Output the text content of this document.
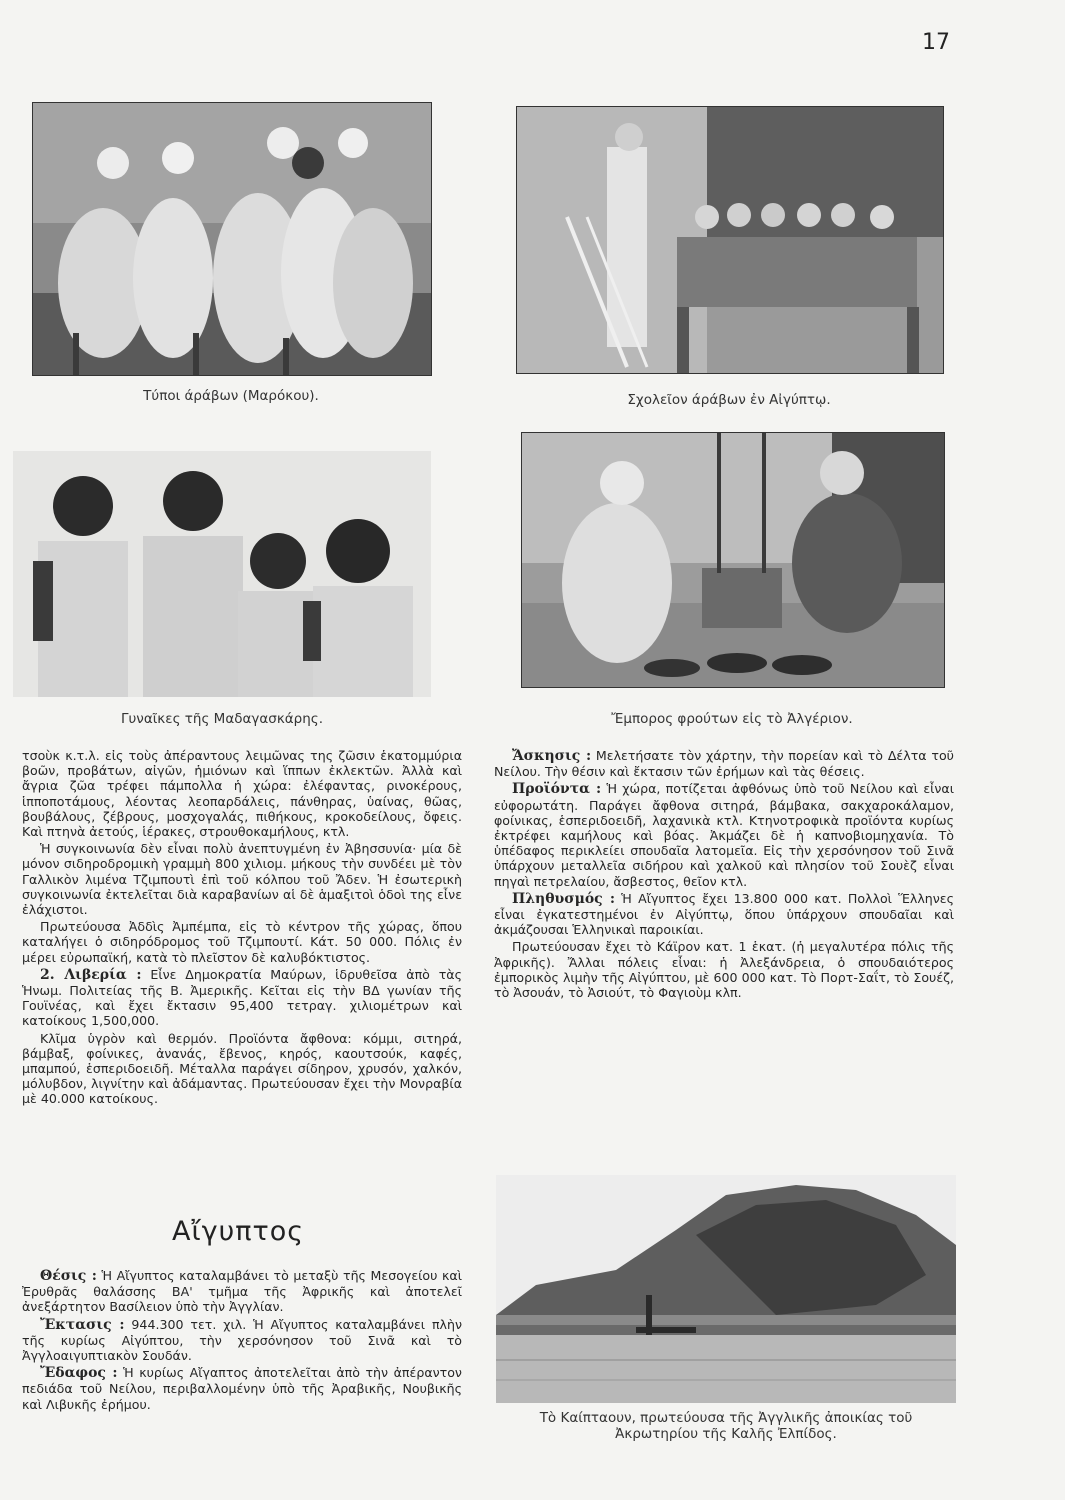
17
Τύποι άράβων (Μαρόκου).	Σχολεῖον άράβων ἐν Αἰγύπτῳ.
Γυναῖκες τῆς Μαδαγασκάρης.	Ἔμπορος φρούτων εἰς τὸ Ἀλγέριον.
Τὸ Καίπταουν, πρωτεύουσα τῆς Ἀγγλικῆς ἀποικίας τοῦ
Ἀκρωτηρίου τῆς Καλῆς Ἐλπίδος.

τσοὺκ κ.τ.λ. εἰς τοὺς ἀπέραντους λειμῶνας της ζῶσιν ἑκατομμύρια βοῶν, προβάτων, αἰγῶν, ἡμιόνων καὶ ἵππων ἐκλεκτῶν. Ἀλλὰ καὶ ἄγρια ζῶα τρέφει πάμπολλα ἡ χώρα: ἐλέφαντας, ρινοκέρους, ἱπποποτάμους, λέοντας λεοπαρδάλεις, πάνθηρας, ὑαίνας, θῶας, βουβάλους, ζέβρους, μοσχογαλάς, πιθήκους, κροκοδείλους, ὄφεις. Καὶ πτηνὰ ἀετούς, ἱέρακες, στρουθοκαμήλους, κτλ.

Ἡ συγκοινωνία δὲν εἶναι πολὺ ἀνεπτυγμένη ἐν Ἀβησσυνία· μία δὲ μόνον σιδηροδρομικὴ γραμμὴ 800 χιλιομ. μήκους τὴν συνδέει μὲ τὸν Γαλλικὸν λιμένα Τζιμπουτὶ ἐπὶ τοῦ κόλπου τοῦ Ἄδεν. Ἡ ἐσωτερικὴ συγκοινωνία ἐκτελεῖται διὰ καραβανίων αἱ δὲ ἁμαξιτοὶ ὁδοὶ της εἶνε ἐλάχιστοι.

Πρωτεύουσα Ἀδδὶς Ἀμπέμπα, εἰς τὸ κέντρον τῆς χώρας, ὅπου καταλήγει ὁ σιδηρόδρομος τοῦ Τζιμπουτί. Κάτ. 50 000. Πόλις ἐν μέρει εὐρωπαϊκή, κατὰ τὸ πλεῖστον δὲ καλυβόκτιστος.

2. Λιβερία : Εἶνε Δημοκρατία Μαύρων, ἱδρυθεῖσα ἀπὸ τὰς Ἡνωμ. Πολιτείας τῆς Β. Ἀμερικῆς. Κεῖται εἰς τὴν ΒΔ γωνίαν τῆς Γουϊνέας, καὶ ἔχει ἔκτασιν 95,400 τετραγ. χιλιομέτρων καὶ κατοίκους 1,500,000.

Κλῖμα ὑγρὸν καὶ θερμόν. Προϊόντα ἄφθονα: κόμμι, σιτηρά, βάμβαξ, φοίνικες, ἀνανάς, ἔβενος, κηρός, καουτσούκ, καφές, μπαμπού, ἑσπεριδοειδῆ. Μέταλλα παράγει σίδηρον, χρυσόν, χαλκόν, μόλυβδον, λιγνίτην καὶ ἀδάμαντας. Πρωτεύουσαν ἔχει τὴν Μονραβία μὲ 40.000 κατοίκους.

Αἴγυπτος

Θέσις : Ἡ Αἴγυπτος καταλαμβάνει τὸ μεταξὺ τῆς Μεσογείου καὶ Ἐρυθρᾶς θαλάσσης ΒΑ' τμῆμα τῆς Ἀφρικῆς καὶ ἀποτελεῖ ἀνεξάρτητον Βασίλειον ὑπὸ τὴν Ἀγγλίαν.

Ἔκτασις : 944.300 τετ. χιλ. Ἡ Αἴγυπτος καταλαμβάνει πλὴν τῆς κυρίως Αἰγύπτου, τὴν χερσόνησον τοῦ Σινᾶ καὶ τὸ Ἀγγλοαιγυπτιακὸν Σουδάν.

Ἔδαφος : Ἡ κυρίως Αἴγαπτος ἀποτελεῖται ἀπὸ τὴν ἀπέραντον πεδιάδα τοῦ Νείλου, περιβαλλομένην ὑπὸ τῆς Ἀραβικῆς, Νουβικῆς καὶ Λιβυκῆς ἐρήμου.

Ἄσκησις : Μελετήσατε τὸν χάρτην, τὴν πορείαν καὶ τὸ Δέλτα τοῦ Νείλου. Τὴν θέσιν καὶ ἔκτασιν τῶν ἐρήμων καὶ τὰς θέσεις.

Προϊόντα : Ἡ χώρα, ποτίζεται ἀφθόνως ὑπὸ τοῦ Νείλου καὶ εἶναι εὐφορωτάτη. Παράγει ἄφθονα σιτηρά, βάμβακα, σακχαροκάλαμον, φοίνικας, ἑσπεριδοειδῆ, λαχανικὰ κτλ. Κτηνοτροφικὰ προϊόντα κυρίως ἐκτρέφει καμήλους καὶ βόας. Ἀκμάζει δὲ ἡ καπνοβιομηχανία. Τὸ ὑπέδαφος περικλείει σπουδαῖα λατομεῖα. Εἰς τὴν χερσόνησον τοῦ Σινᾶ ὑπάρχουν μεταλλεῖα σιδήρου καὶ χαλκοῦ καὶ πλησίον τοῦ Σουὲζ εἶναι πηγαὶ πετρελαίου, ἄσβεστος, θεῖον κτλ.

Πληθυσμός : Ἡ Αἴγυπτος ἔχει 13.800 000 κατ. Πολλοὶ Ἕλληνες εἶναι ἐγκατεστημένοι ἐν Αἰγύπτῳ, ὅπου ὑπάρχουν σπουδαῖαι καὶ ἀκμάζουσαι Ἑλληνικαὶ παροικίαι.

Πρωτεύουσαν ἔχει τὸ Κάϊρον κατ. 1 ἑκατ. (ἡ μεγαλυτέρα πόλις τῆς Ἀφρικῆς). Ἄλλαι πόλεις εἶναι: ἡ Ἀλεξάνδρεια, ὁ σπουδαιότερος ἐμπορικὸς λιμὴν τῆς Αἰγύπτου, μὲ 600 000 κατ. Τὸ Πορτ-Σαΐτ, τὸ Σουέζ, τὸ Ἀσουάν, τὸ Ἀσιούτ, τὸ Φαγιοὺμ κλπ.
